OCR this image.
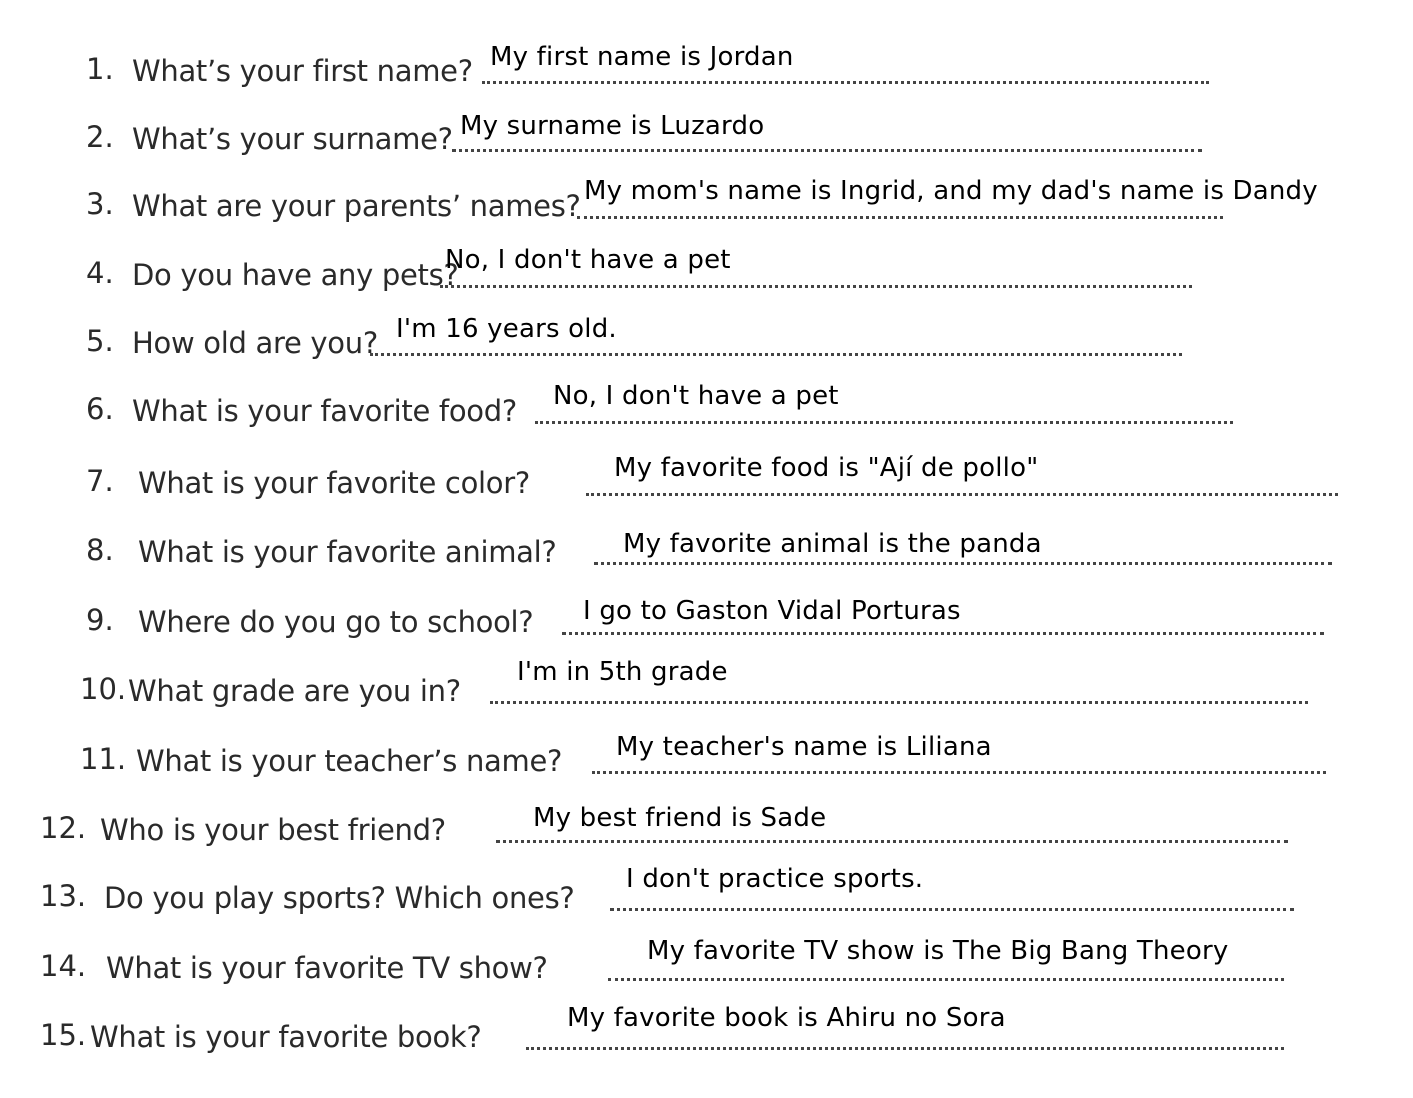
1. What’s your first name? My first name is Jordan
2. What’s your surname? My surname is Luzardo
3. What are your parents’ names? My mom's name is Ingrid, and my dad's name is Dandy
4. Do you have any pets?
No, I don't have a pet
5. How old are you? I'm 16 years old.
6. What is your favorite food? No, I don't have a pet
7. What is your favorite color?	My favorite food is "Ají de pollo"
8. What is your favorite animal?	My favorite animal is the panda
9. Where do you go to school? I go to Gaston Vidal Porturas
10. What grade are you in?
I'm in 5th grade
11. What is your teacher’s name? My teacher's name is Liliana
12. Who is your best friend?	My best friend is Sade
13. Do you play sports? Which ones?
I don't practice sports.
14. What is your favorite TV show?	My favorite TV show is The Big Bang Theory
15. What is your favorite book?
My favorite book is Ahiru no Sora
